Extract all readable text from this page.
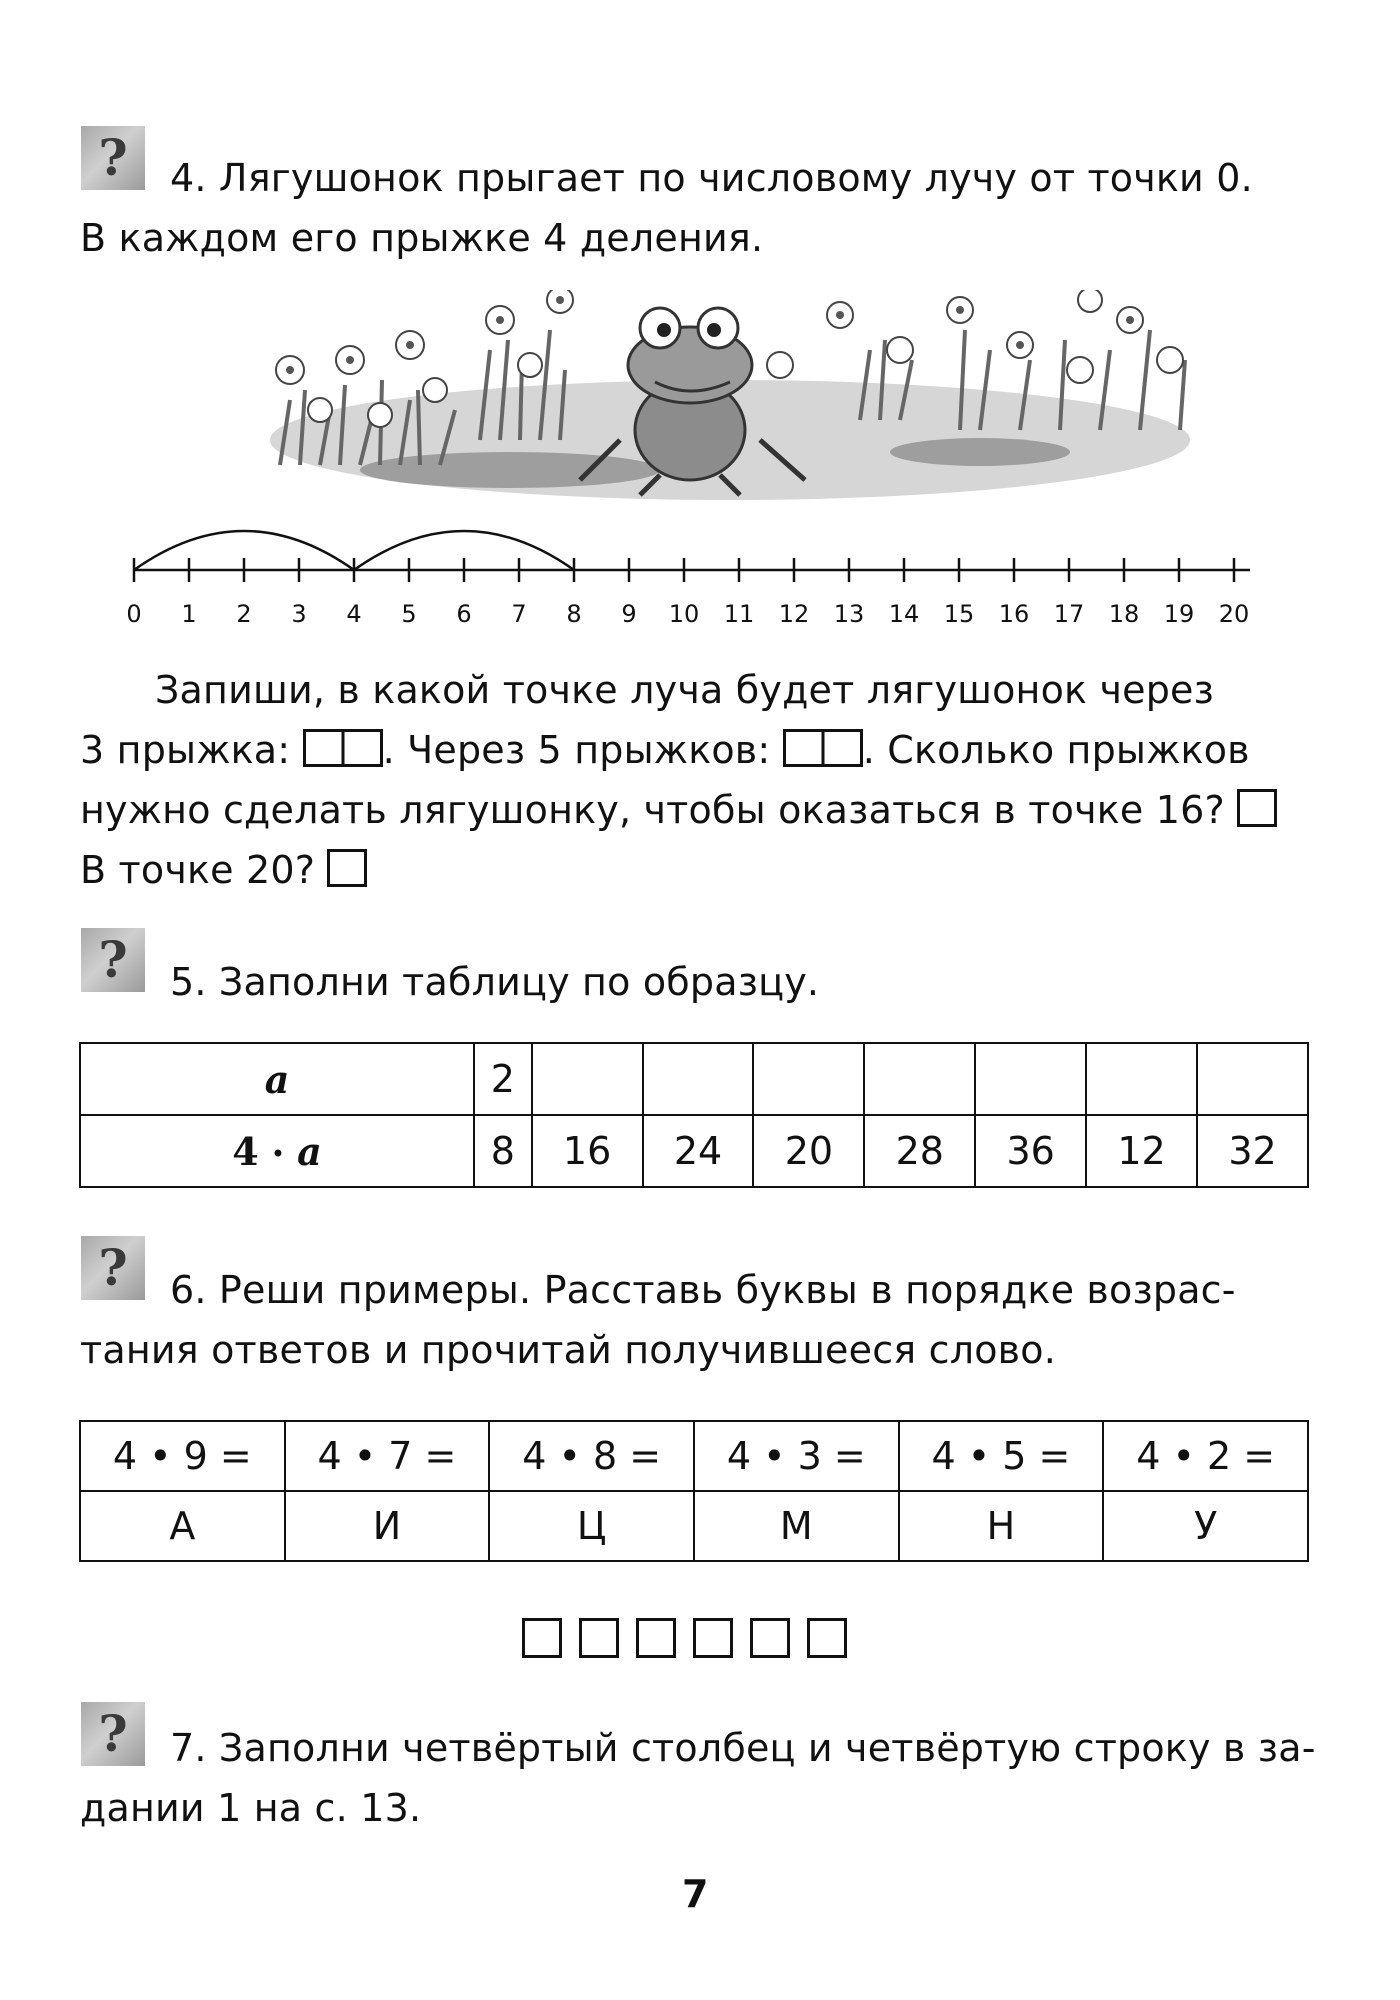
?	4. Лягушонок прыгает по числовому лучу от точки 0.
В каждом его прыжке 4 деления.
0 1 2 3 4 5 6 7 8 9 10 11 12 13 14 15 16 17 18 19 20
Запиши, в какой точке луча будет лягушонок через
3 прыжка: . Через 5 прыжков: . Сколько прыжков
нужно сделать лягушонку, чтобы оказаться в точке 16?
В точке 20?
?	5. Заполни таблицу по образцу.
a	2							
4 • a	8	16	24	20	28	36	12	32
?	6. Реши примеры. Расставь буквы в порядке возрас-
тания ответов и прочитай получившееся слово.
4 • 9 =	4 • 7 =	4 • 8 =	4 • 3 =	4 • 5 =	4 • 2 =
А	И	Ц	М	Н	У
?	7. Заполни четвёртый столбец и четвёртую строку в за-
дании 1 на с. 13.
7
